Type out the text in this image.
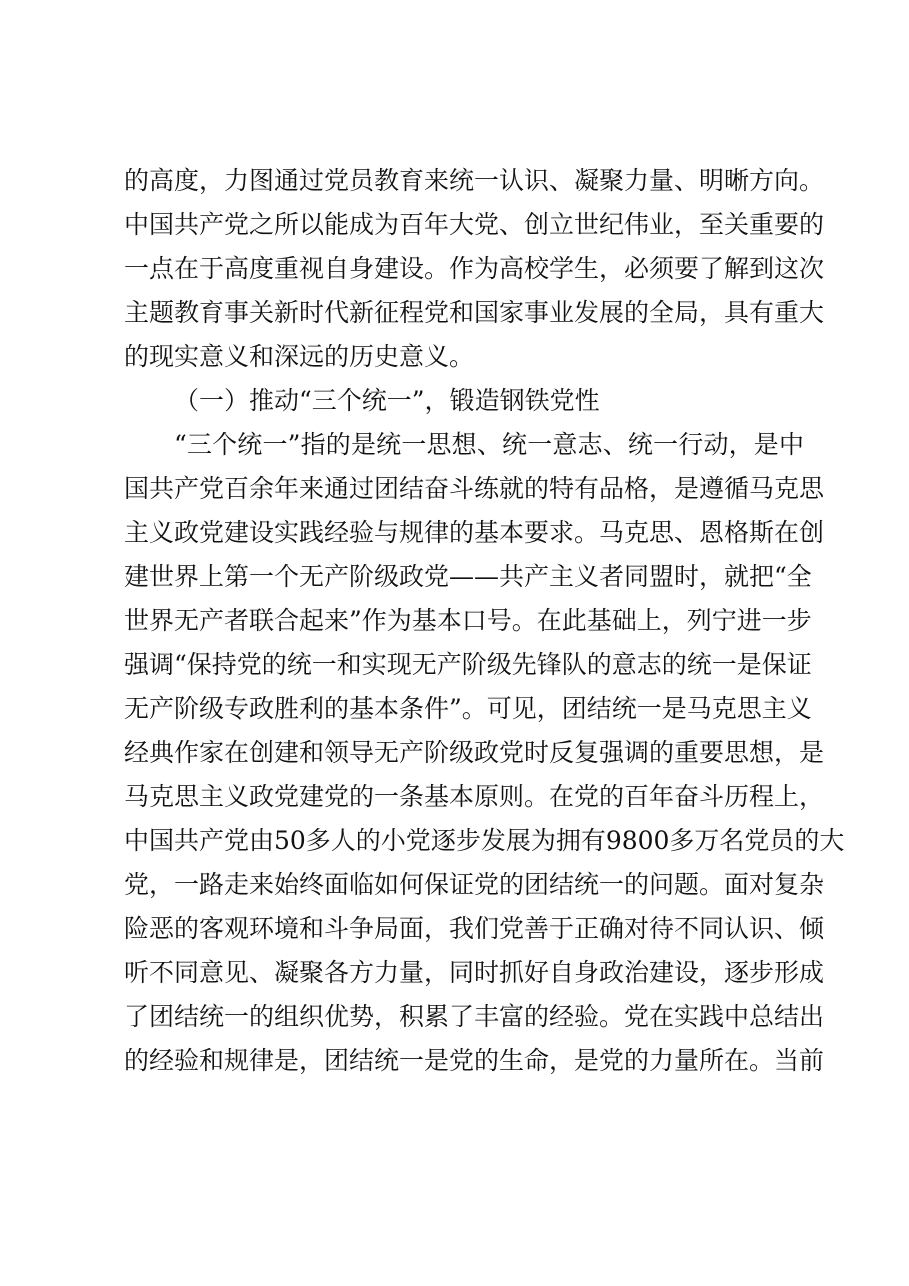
的高度，力图通过党员教育来统一认识、凝聚力量、明晰方向。
中国共产党之所以能成为百年大党、创立世纪伟业，至关重要的
一点在于高度重视自身建设。作为高校学生，必须要了解到这次
主题教育事关新时代新征程党和国家事业发展的全局，具有重大
的现实意义和深远的历史意义。
（一）推动“三个统一”，锻造钢铁党性
“三个统一”指的是统一思想、统一意志、统一行动，是中
国共产党百余年来通过团结奋斗练就的特有品格，是遵循马克思
主义政党建设实践经验与规律的基本要求。马克思、恩格斯在创
建世界上第一个无产阶级政党——共产主义者同盟时，就把“全
世界无产者联合起来”作为基本口号。在此基础上，列宁进一步
强调“保持党的统一和实现无产阶级先锋队的意志的统一是保证
无产阶级专政胜利的基本条件”。可见，团结统一是马克思主义
经典作家在创建和领导无产阶级政党时反复强调的重要思想，是
马克思主义政党建党的一条基本原则。在党的百年奋斗历程上，
中国共产党由50多人的小党逐步发展为拥有9800多万名党员的大
党，一路走来始终面临如何保证党的团结统一的问题。面对复杂
险恶的客观环境和斗争局面，我们党善于正确对待不同认识、倾
听不同意见、凝聚各方力量，同时抓好自身政治建设，逐步形成
了团结统一的组织优势，积累了丰富的经验。党在实践中总结出
的经验和规律是，团结统一是党的生命，是党的力量所在。当前
